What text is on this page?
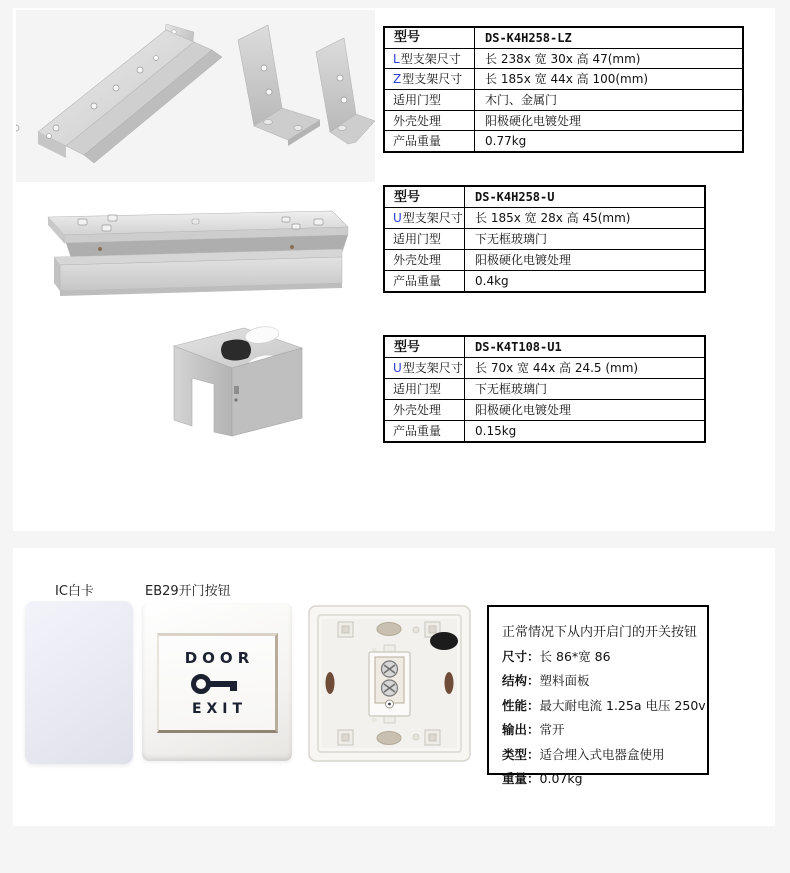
型号	DS-K4H258-LZ
L 型支架尺寸	长 238x 宽 30x 高 47(mm)
Z 型支架尺寸	长 185x 宽 44x 高 100(mm)
适用门型	木门、金属门
外壳处理	阳极硬化电镀处理
产品重量	0.77kg
型号	DS-K4H258-U
U 型支架尺寸	长 185x 宽 28x 高 45(mm)
适用门型	下无框玻璃门
外壳处理	阳极硬化电镀处理
产品重量	0.4kg
型号	DS-K4T108-U1
U 型支架尺寸	长 70x 宽 44x 高 24.5 (mm)
适用门型	下无框玻璃门
外壳处理	阳极硬化电镀处理
产品重量	0.15kg
IC白卡	EB29开门按钮
DOOR
EXIT
正常情况下从内开启门的开关按钮
尺寸：长 86*宽 86
结构：塑料面板
性能：最大耐电流 1.25a 电压 250v
输出：常开
类型：适合埋入式电器盒使用
重量：0.07kg
